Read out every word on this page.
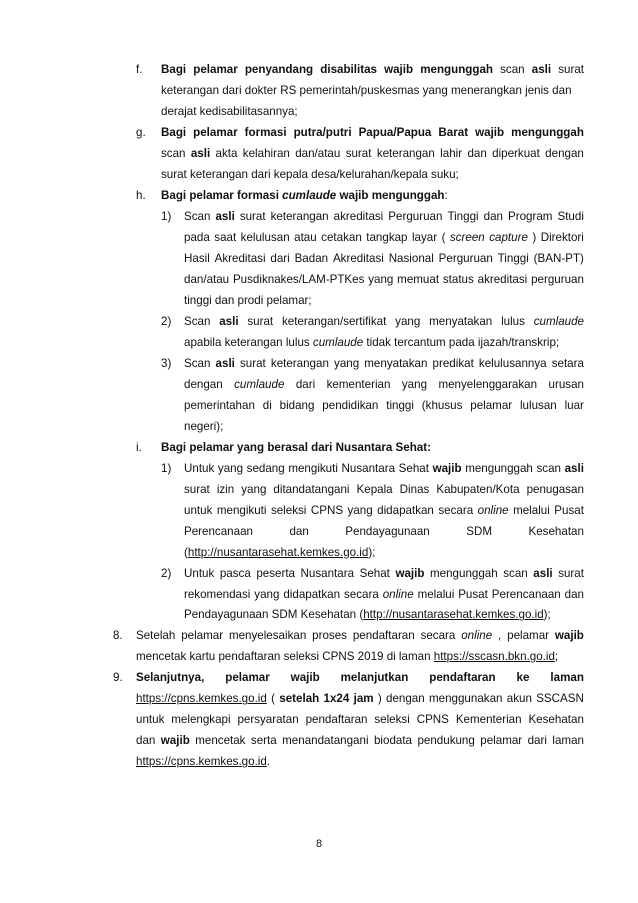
f. Bagi pelamar penyandang disabilitas wajib mengunggah scan asli surat
keterangan dari dokter RS pemerintah/puskesmas yang menerangkan jenis dan
derajat kedisabilitasannya;
g. Bagi pelamar formasi putra/putri Papua/Papua Barat wajib mengunggah
scan asli akta kelahiran dan/atau surat keterangan lahir dan diperkuat dengan
surat keterangan dari kepala desa/kelurahan/kepala suku;
h. Bagi pelamar formasi cumlaude wajib mengunggah:
1) Scan asli surat keterangan akreditasi Perguruan Tinggi dan Program Studi
pada saat kelulusan atau cetakan tangkap layar ( screen capture ) Direktori
Hasil Akreditasi dari Badan Akreditasi Nasional Perguruan Tinggi (BAN-PT)
dan/atau Pusdiknakes/LAM-PTKes yang memuat status akreditasi perguruan
tinggi dan prodi pelamar;
2) Scan asli surat keterangan/sertifikat yang menyatakan lulus cumlaude
apabila keterangan lulus cumlaude tidak tercantum pada ijazah/transkrip;
3) Scan asli surat keterangan yang menyatakan predikat kelulusannya setara
dengan cumlaude dari kementerian yang menyelenggarakan urusan
pemerintahan di bidang pendidikan tinggi (khusus pelamar lulusan luar
negeri);
i. Bagi pelamar yang berasal dari Nusantara Sehat:
1) Untuk yang sedang mengikuti Nusantara Sehat wajib mengunggah scan asli
surat izin yang ditandatangani Kepala Dinas Kabupaten/Kota penugasan
untuk mengikuti seleksi CPNS yang didapatkan secara online melalui Pusat
Perencanaan	dan	Pendayagunaan	SDM	Kesehatan
(http://nusantarasehat.kemkes.go.id);
2) Untuk pasca peserta Nusantara Sehat wajib mengunggah scan asli surat
rekomendasi yang didapatkan secara online melalui Pusat Perencanaan dan
Pendayagunaan SDM Kesehatan (http://nusantarasehat.kemkes.go.id);
8. Setelah pelamar menyelesaikan proses pendaftaran secara online , pelamar wajib
mencetak kartu pendaftaran seleksi CPNS 2019 di laman https://sscasn.bkn.go.id;
9. Selanjutnya, pelamar wajib melanjutkan pendaftaran ke laman
https://cpns.kemkes.go.id ( setelah 1x24 jam ) dengan menggunakan akun SSCASN
untuk melengkapi persyaratan pendaftaran seleksi CPNS Kementerian Kesehatan
dan wajib mencetak serta menandatangani biodata pendukung pelamar dari laman
https://cpns.kemkes.go.id.
8
